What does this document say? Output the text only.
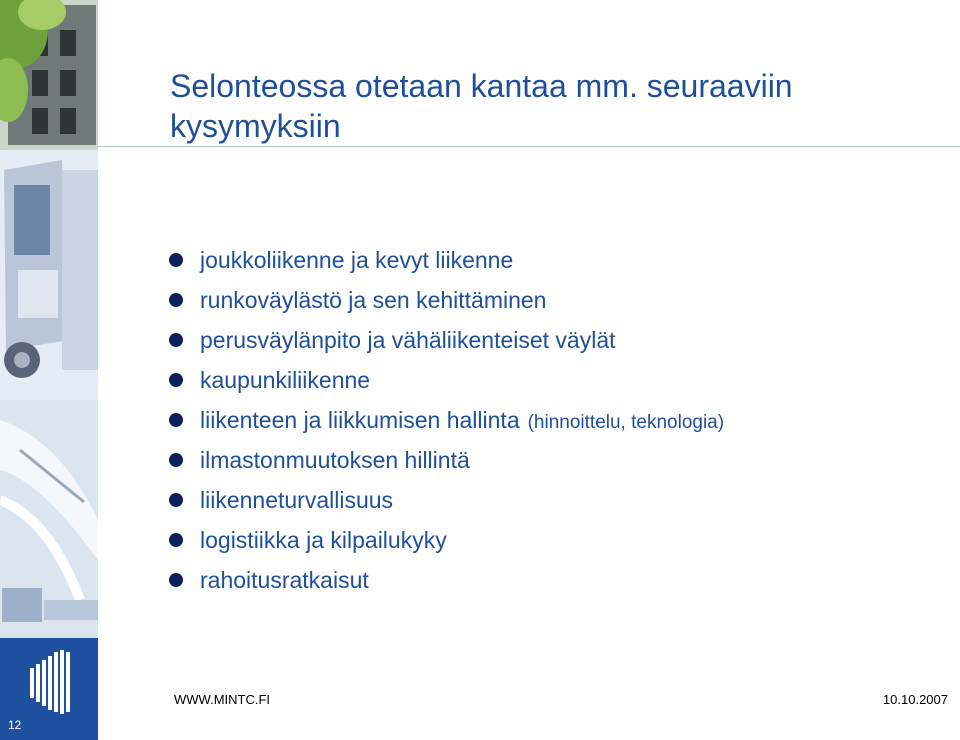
12
Selonteossa otetaan kantaa mm. seuraaviin kysymyksiin
joukkoliikenne ja kevyt liikenne
runkoväylästö ja sen kehittäminen
perusväylänpito ja vähäliikenteiset väylät
kaupunkiliikenne
liikenteen ja liikkumisen hallinta (hinnoittelu, teknologia)
ilmastonmuutoksen hillintä
liikenneturvallisuus
logistiikka ja kilpailukyky
rahoitusratkaisut
WWW.MINTC.FI	10.10.2007
